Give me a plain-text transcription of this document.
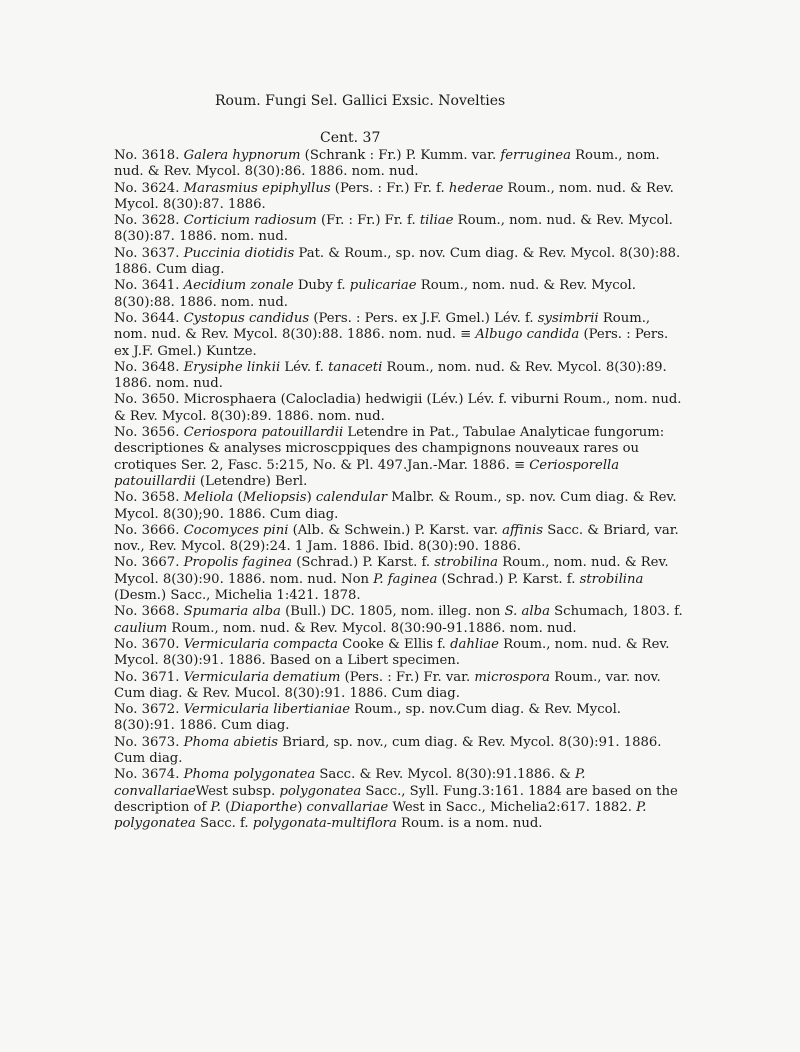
Roum. Fungi Sel. Gallici Exsic. Novelties
Cent. 37

No. 3618. Galera hypnorum (Schrank : Fr.) P. Kumm. var. ferruginea Roum., nom. nud. & Rev. Mycol. 8(30):86. 1886. nom. nud.

No. 3624. Marasmius epiphyllus (Pers. : Fr.) Fr. f. hederae Roum., nom. nud. & Rev. Mycol. 8(30):87. 1886.

No. 3628. Corticium radiosum (Fr. : Fr.) Fr. f. tiliae Roum., nom. nud. & Rev. Mycol. 8(30):87. 1886. nom. nud.

No. 3637. Puccinia diotidis Pat. & Roum., sp. nov. Cum diag. & Rev. Mycol. 8(30):88. 1886. Cum diag.

No. 3641. Aecidium zonale Duby f. pulicariae Roum., nom. nud. & Rev. Mycol. 8(30):88. 1886. nom. nud.

No. 3644. Cystopus candidus (Pers. : Pers. ex J.F. Gmel.) Lév. f. sysimbrii Roum., nom. nud. & Rev. Mycol. 8(30):88. 1886. nom. nud. ≡ Albugo candida (Pers. : Pers. ex J.F. Gmel.) Kuntze.

No. 3648. Erysiphe linkii Lév. f. tanaceti Roum., nom. nud. & Rev. Mycol. 8(30):89. 1886. nom. nud.

No. 3650. Microsphaera (Calocladia) hedwigii (Lév.) Lév. f. viburni Roum., nom. nud. & Rev. Mycol. 8(30):89. 1886. nom. nud.

No. 3656. Ceriospora patouillardii Letendre in Pat., Tabulae Analyticae fungorum: descriptiones & analyses microscppiques des champignons nouveaux rares ou crotiques Ser. 2, Fasc. 5:215, No. & Pl. 497.Jan.-Mar. 1886. ≡ Ceriosporella patouillardii (Letendre) Berl.

No. 3658. Meliola (Meliopsis) calendular Malbr. & Roum., sp. nov. Cum diag. & Rev. Mycol. 8(30);90. 1886. Cum diag.

No. 3666. Cocomyces pini (Alb. & Schwein.) P. Karst. var. affinis Sacc. & Briard, var. nov., Rev. Mycol. 8(29):24. 1 Jam. 1886. Ibid. 8(30):90. 1886.

No. 3667. Propolis faginea (Schrad.) P. Karst. f. strobilina Roum., nom. nud. & Rev. Mycol. 8(30):90. 1886. nom. nud. Non P. faginea (Schrad.) P. Karst. f. strobilina (Desm.) Sacc., Michelia 1:421. 1878.

No. 3668. Spumaria alba (Bull.) DC. 1805, nom. illeg. non S. alba Schumach, 1803. f. caulium Roum., nom. nud. & Rev. Mycol. 8(30:90-91.1886. nom. nud.

No. 3670. Vermicularia compacta Cooke & Ellis f. dahliae Roum., nom. nud. & Rev. Mycol. 8(30):91. 1886. Based on a Libert specimen.

No. 3671. Vermicularia dematium (Pers. : Fr.) Fr. var. microspora Roum., var. nov. Cum diag. & Rev. Mucol. 8(30):91. 1886. Cum diag.

No. 3672. Vermicularia libertianiae Roum., sp. nov.Cum diag. & Rev. Mycol. 8(30):91. 1886. Cum diag.

No. 3673. Phoma abietis Briard, sp. nov., cum diag. & Rev. Mycol. 8(30):91. 1886. Cum diag.

No. 3674. Phoma polygonatea Sacc. & Rev. Mycol. 8(30):91.1886. & P. convallariaeWest subsp. polygonatea Sacc., Syll. Fung.3:161. 1884 are based on the description of P. (Diaporthe) convallariae West in Sacc., Michelia2:617. 1882. P. polygonatea Sacc. f. polygonata-multiflora Roum. is a nom. nud.
